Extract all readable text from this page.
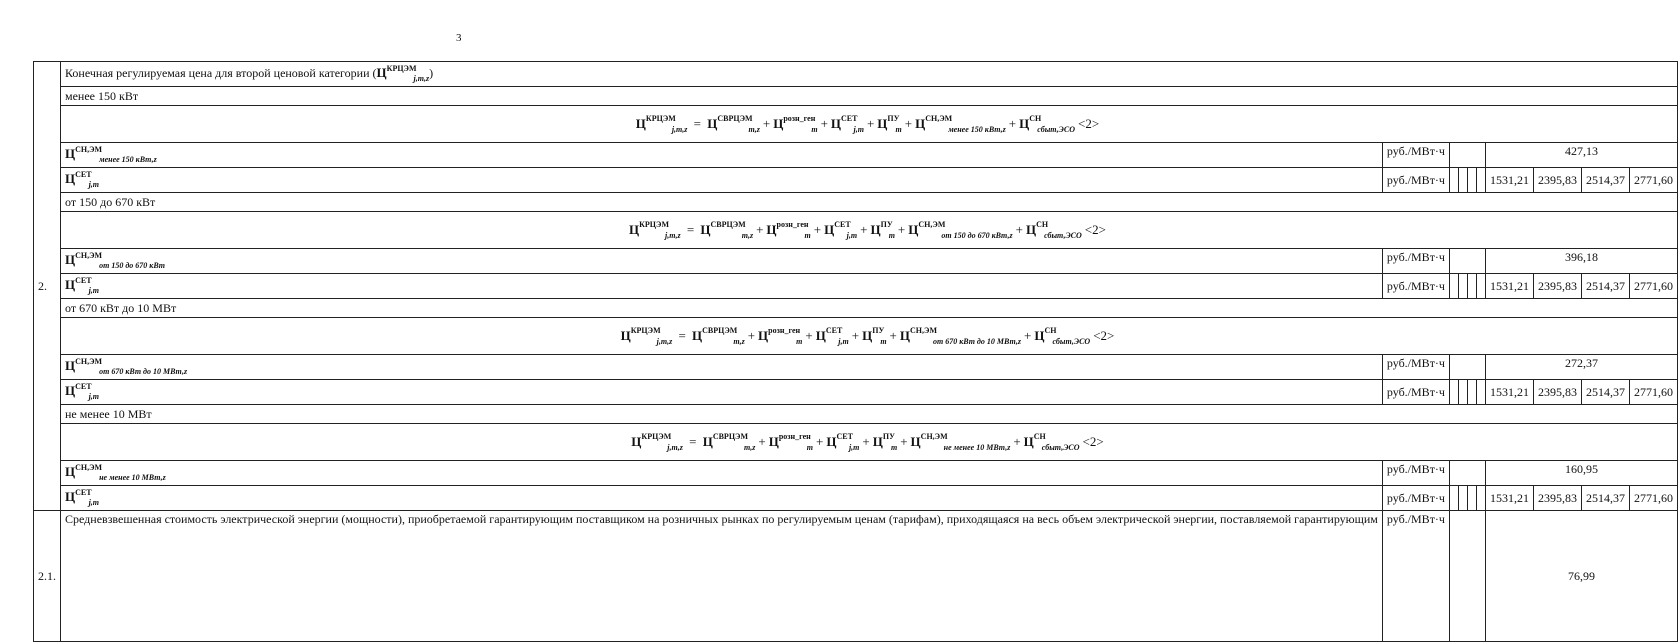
3
2.	Конечная регулируемая цена для второй ценовой категории $(Ц^{КРЦЭМ}_{j,m,z})$									
	менее 150 кВт									
	$Ц^{КРЦЭМ}_{j,m,z} = Ц^{СВРЦЭМ}_{m,z} + Ц^{розн\_ген}_m + Ц^{СЕТ}_{j,m} + Ц^{ПУ}_m + Ц^{СН,ЭМ}_{менее 150 кВт,z} + Ц^{СН}_{сбыт,ЭСО} <2>$									
	$Ц^{СН,ЭМ}_{менее 150 кВт,z}$	руб./МВт·ч					427,13			
	$Ц^{СЕТ}_{j,m}$	руб./МВт·ч					1531,21	2395,83	2514,37	2771,60
	от 150 до 670 кВт									
	$Ц^{КРЦЭМ}_{j,m,z} = Ц^{СВРЦЭМ}_{m,z} + Ц^{розн\_ген}_m + Ц^{СЕТ}_{j,m} + Ц^{ПУ}_m + Ц^{СН,ЭМ}_{от 150 до 670 кВт,z} + Ц^{СН}_{сбыт,ЭСО} <2>$									
	$Ц^{СН,ЭМ}_{от 150 до 670 кВт}$	руб./МВт·ч					396,18			
	$Ц^{СЕТ}_{j,m}$	руб./МВт·ч					1531,21	2395,83	2514,37	2771,60
	от 670 кВт до 10 МВт									
	$Ц^{КРЦЭМ}_{j,m,z} = Ц^{СВРЦЭМ}_{m,z} + Ц^{розн\_ген}_m + Ц^{СЕТ}_{j,m} + Ц^{ПУ}_m + Ц^{СН,ЭМ}_{от 670 кВт до 10 МВт,z} + Ц^{СН}_{сбыт,ЭСО} <2>$									
	$Ц^{СН,ЭМ}_{от 670 кВт до 10 МВт,z}$	руб./МВт·ч					272,37			
	$Ц^{СЕТ}_{j,m}$	руб./МВт·ч					1531,21	2395,83	2514,37	2771,60
	не менее 10 МВт									
	$Ц^{КРЦЭМ}_{j,m,z} = Ц^{СВРЦЭМ}_{m,z} + Ц^{розн\_ген}_m + Ц^{СЕТ}_{j,m} + Ц^{ПУ}_m + Ц^{СН,ЭМ}_{не менее 10 МВт,z} + Ц^{СН}_{сбыт,ЭСО} <2>$									
	$Ц^{СН,ЭМ}_{не менее 10 МВт,z}$	руб./МВт·ч					160,95			
	$Ц^{СЕТ}_{j,m}$	руб./МВт·ч					1531,21	2395,83	2514,37	2771,60
2.1.	Средневзвешенная стоимость электрической энергии (мощности), приобретаемой гарантирующим поставщиком на розничных рынках по регулируемым ценам (тарифам), приходящаяся на весь объем электрической энергии, поставляемой гарантирующим	руб./МВт·ч					76,99			
